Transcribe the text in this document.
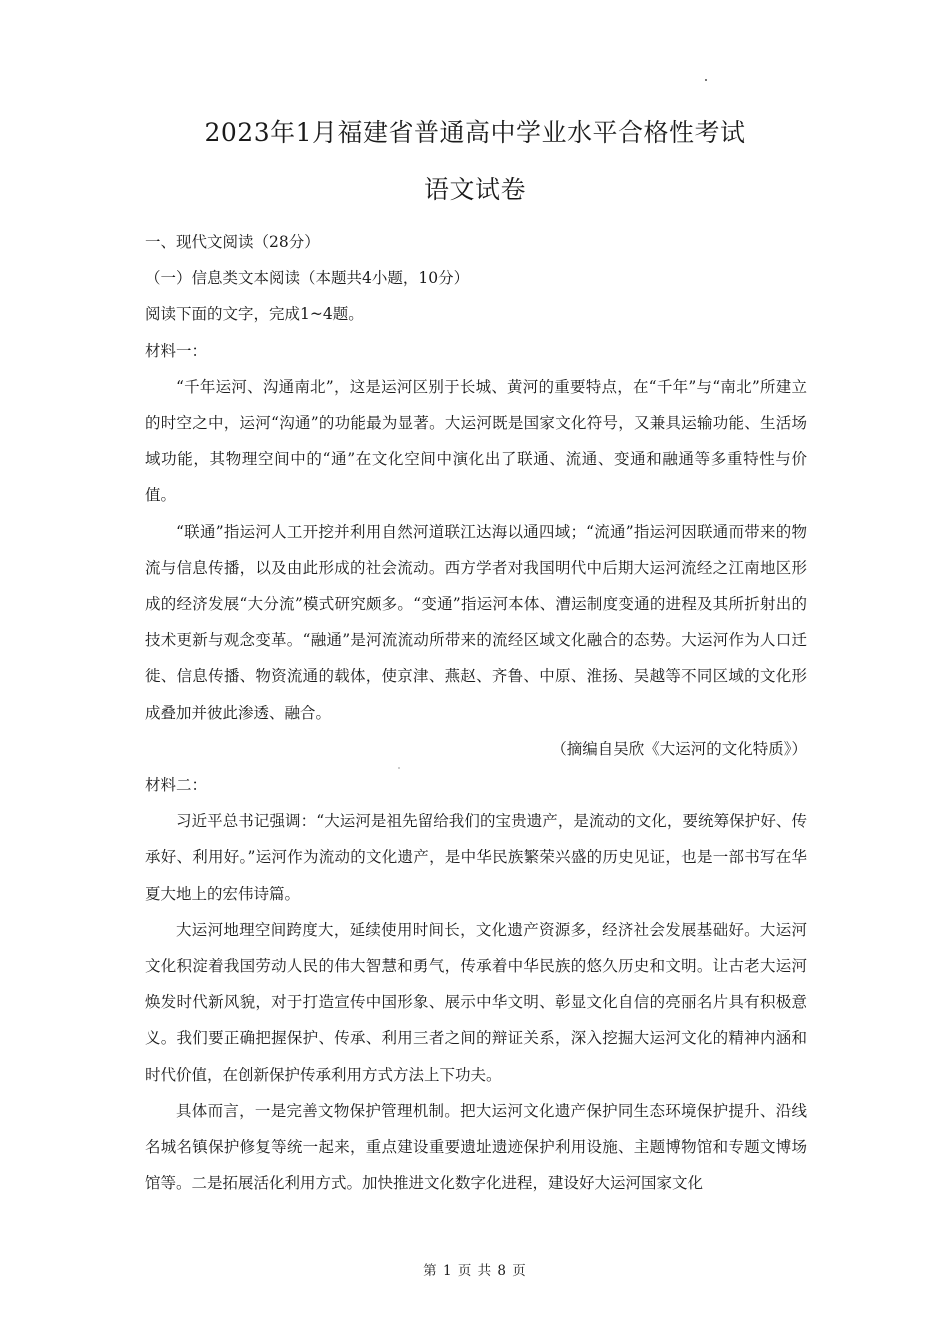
2023年1月福建省普通高中学业水平合格性考试
语文试卷

一、现代文阅读（28分）

（一）信息类文本阅读（本题共4小题，10分）

阅读下面的文字，完成1~4题。

材料一：

“千年运河、沟通南北”，这是运河区别于长城、黄河的重要特点，在“千年”与“南北”所建立的时空之中，运河“沟通”的功能最为显著。大运河既是国家文化符号，又兼具运输功能、生活场域功能，其物理空间中的“通”在文化空间中演化出了联通、流通、变通和融通等多重特性与价值。

“联通”指运河人工开挖并利用自然河道联江达海以通四域；“流通”指运河因联通而带来的物流与信息传播，以及由此形成的社会流动。西方学者对我国明代中后期大运河流经之江南地区形成的经济发展“大分流”模式研究颇多。“变通”指运河本体、漕运制度变通的进程及其所折射出的技术更新与观念变革。“融通”是河流流动所带来的流经区域文化融合的态势。大运河作为人口迁徙、信息传播、物资流通的载体，使京津、燕赵、齐鲁、中原、淮扬、吴越等不同区域的文化形成叠加并彼此渗透、融合。

（摘编自吴欣《大运河的文化特质》）

材料二：

习近平总书记强调：“大运河是祖先留给我们的宝贵遗产，是流动的文化，要统筹保护好、传承好、利用好。”运河作为流动的文化遗产，是中华民族繁荣兴盛的历史见证，也是一部书写在华夏大地上的宏伟诗篇。

大运河地理空间跨度大，延续使用时间长，文化遗产资源多，经济社会发展基础好。大运河文化积淀着我国劳动人民的伟大智慧和勇气，传承着中华民族的悠久历史和文明。让古老大运河焕发时代新风貌，对于打造宣传中国形象、展示中华文明、彰显文化自信的亮丽名片具有积极意义。我们要正确把握保护、传承、利用三者之间的辩证关系，深入挖掘大运河文化的精神内涵和时代价值，在创新保护传承利用方式方法上下功夫。

具体而言，一是完善文物保护管理机制。把大运河文化遗产保护同生态环境保护提升、沿线名城名镇保护修复等统一起来，重点建设重要遗址遗迹保护利用设施、主题博物馆和专题文博场馆等。二是拓展活化利用方式。加快推进文化数字化进程，建设好大运河国家文化

第 1 页 共 8 页
